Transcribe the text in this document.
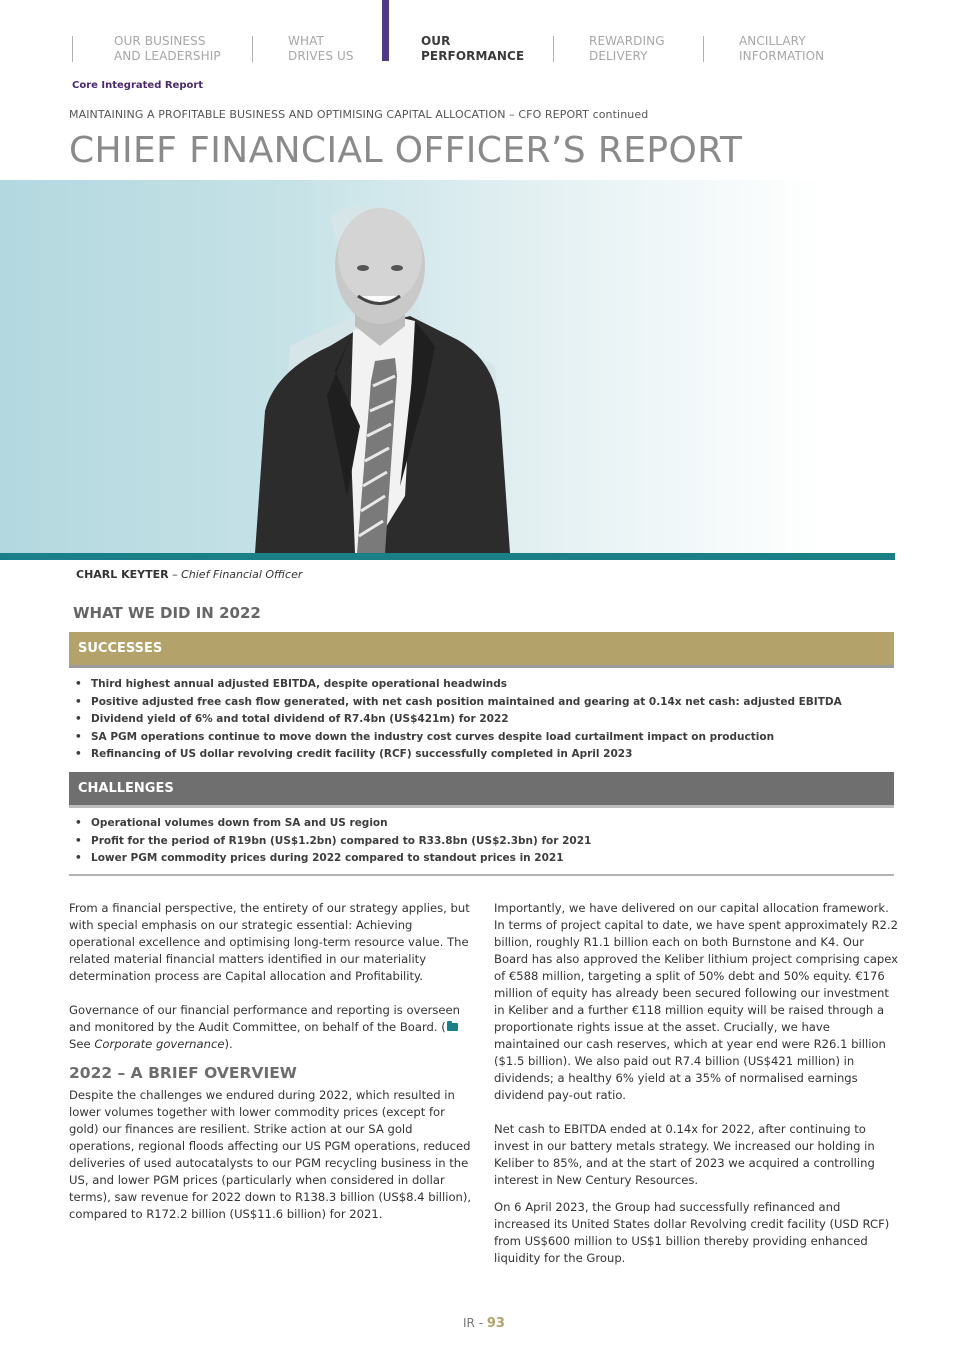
OUR BUSINESS
AND LEADERSHIP
WHAT
DRIVES US
OUR
PERFORMANCE
REWARDING
DELIVERY
ANCILLARY
INFORMATION
Core Integrated Report
MAINTAINING A PROFITABLE BUSINESS AND OPTIMISING CAPITAL ALLOCATION – CFO REPORT continued
CHIEF FINANCIAL OFFICER’S REPORT
CHARL KEYTER – Chief Financial Officer
WHAT WE DID IN 2022
SUCCESSES
• Third highest annual adjusted EBITDA, despite operational headwinds
• Positive adjusted free cash flow generated, with net cash position maintained and gearing at 0.14x net cash: adjusted EBITDA
• Dividend yield of 6% and total dividend of R7.4bn (US$421m) for 2022
• SA PGM operations continue to move down the industry cost curves despite load curtailment impact on production
• Refinancing of US dollar revolving credit facility (RCF) successfully completed in April 2023
CHALLENGES
• Operational volumes down from SA and US region
• Profit for the period of R19bn (US$1.2bn) compared to R33.8bn (US$2.3bn) for 2021
• Lower PGM commodity prices during 2022 compared to standout prices in 2021

From a financial perspective, the entirety of our strategy applies, but with special emphasis on our strategic essential: Achieving operational excellence and optimising long-term resource value. The related material financial matters identified in our materiality determination process are Capital allocation and Profitability.

Governance of our financial performance and reporting is overseen and monitored by the Audit Committee, on behalf of the Board. ( See Corporate governance).

2022 – A BRIEF OVERVIEW

Despite the challenges we endured during 2022, which resulted in lower volumes together with lower commodity prices (except for gold) our finances are resilient. Strike action at our SA gold operations, regional floods affecting our US PGM operations, reduced deliveries of used autocatalysts to our PGM recycling business in the US, and lower PGM prices (particularly when considered in dollar terms), saw revenue for 2022 down to R138.3 billion (US$8.4 billion), compared to R172.2 billion (US$11.6 billion) for 2021.

Importantly, we have delivered on our capital allocation framework. In terms of project capital to date, we have spent approximately R2.2 billion, roughly R1.1 billion each on both Burnstone and K4. Our Board has also approved the Keliber lithium project comprising capex of €588 million, targeting a split of 50% debt and 50% equity. €176 million of equity has already been secured following our investment in Keliber and a further €118 million equity will be raised through a proportionate rights issue at the asset. Crucially, we have maintained our cash reserves, which at year end were R26.1 billion ($1.5 billion). We also paid out R7.4 billion (US$421 million) in dividends; a healthy 6% yield at a 35% of normalised earnings dividend pay-out ratio.

Net cash to EBITDA ended at 0.14x for 2022, after continuing to invest in our battery metals strategy. We increased our holding in Keliber to 85%, and at the start of 2023 we acquired a controlling interest in New Century Resources.

On 6 April 2023, the Group had successfully refinanced and increased its United States dollar Revolving credit facility (USD RCF) from US$600 million to US$1 billion thereby providing enhanced liquidity for the Group.

IR - 93
